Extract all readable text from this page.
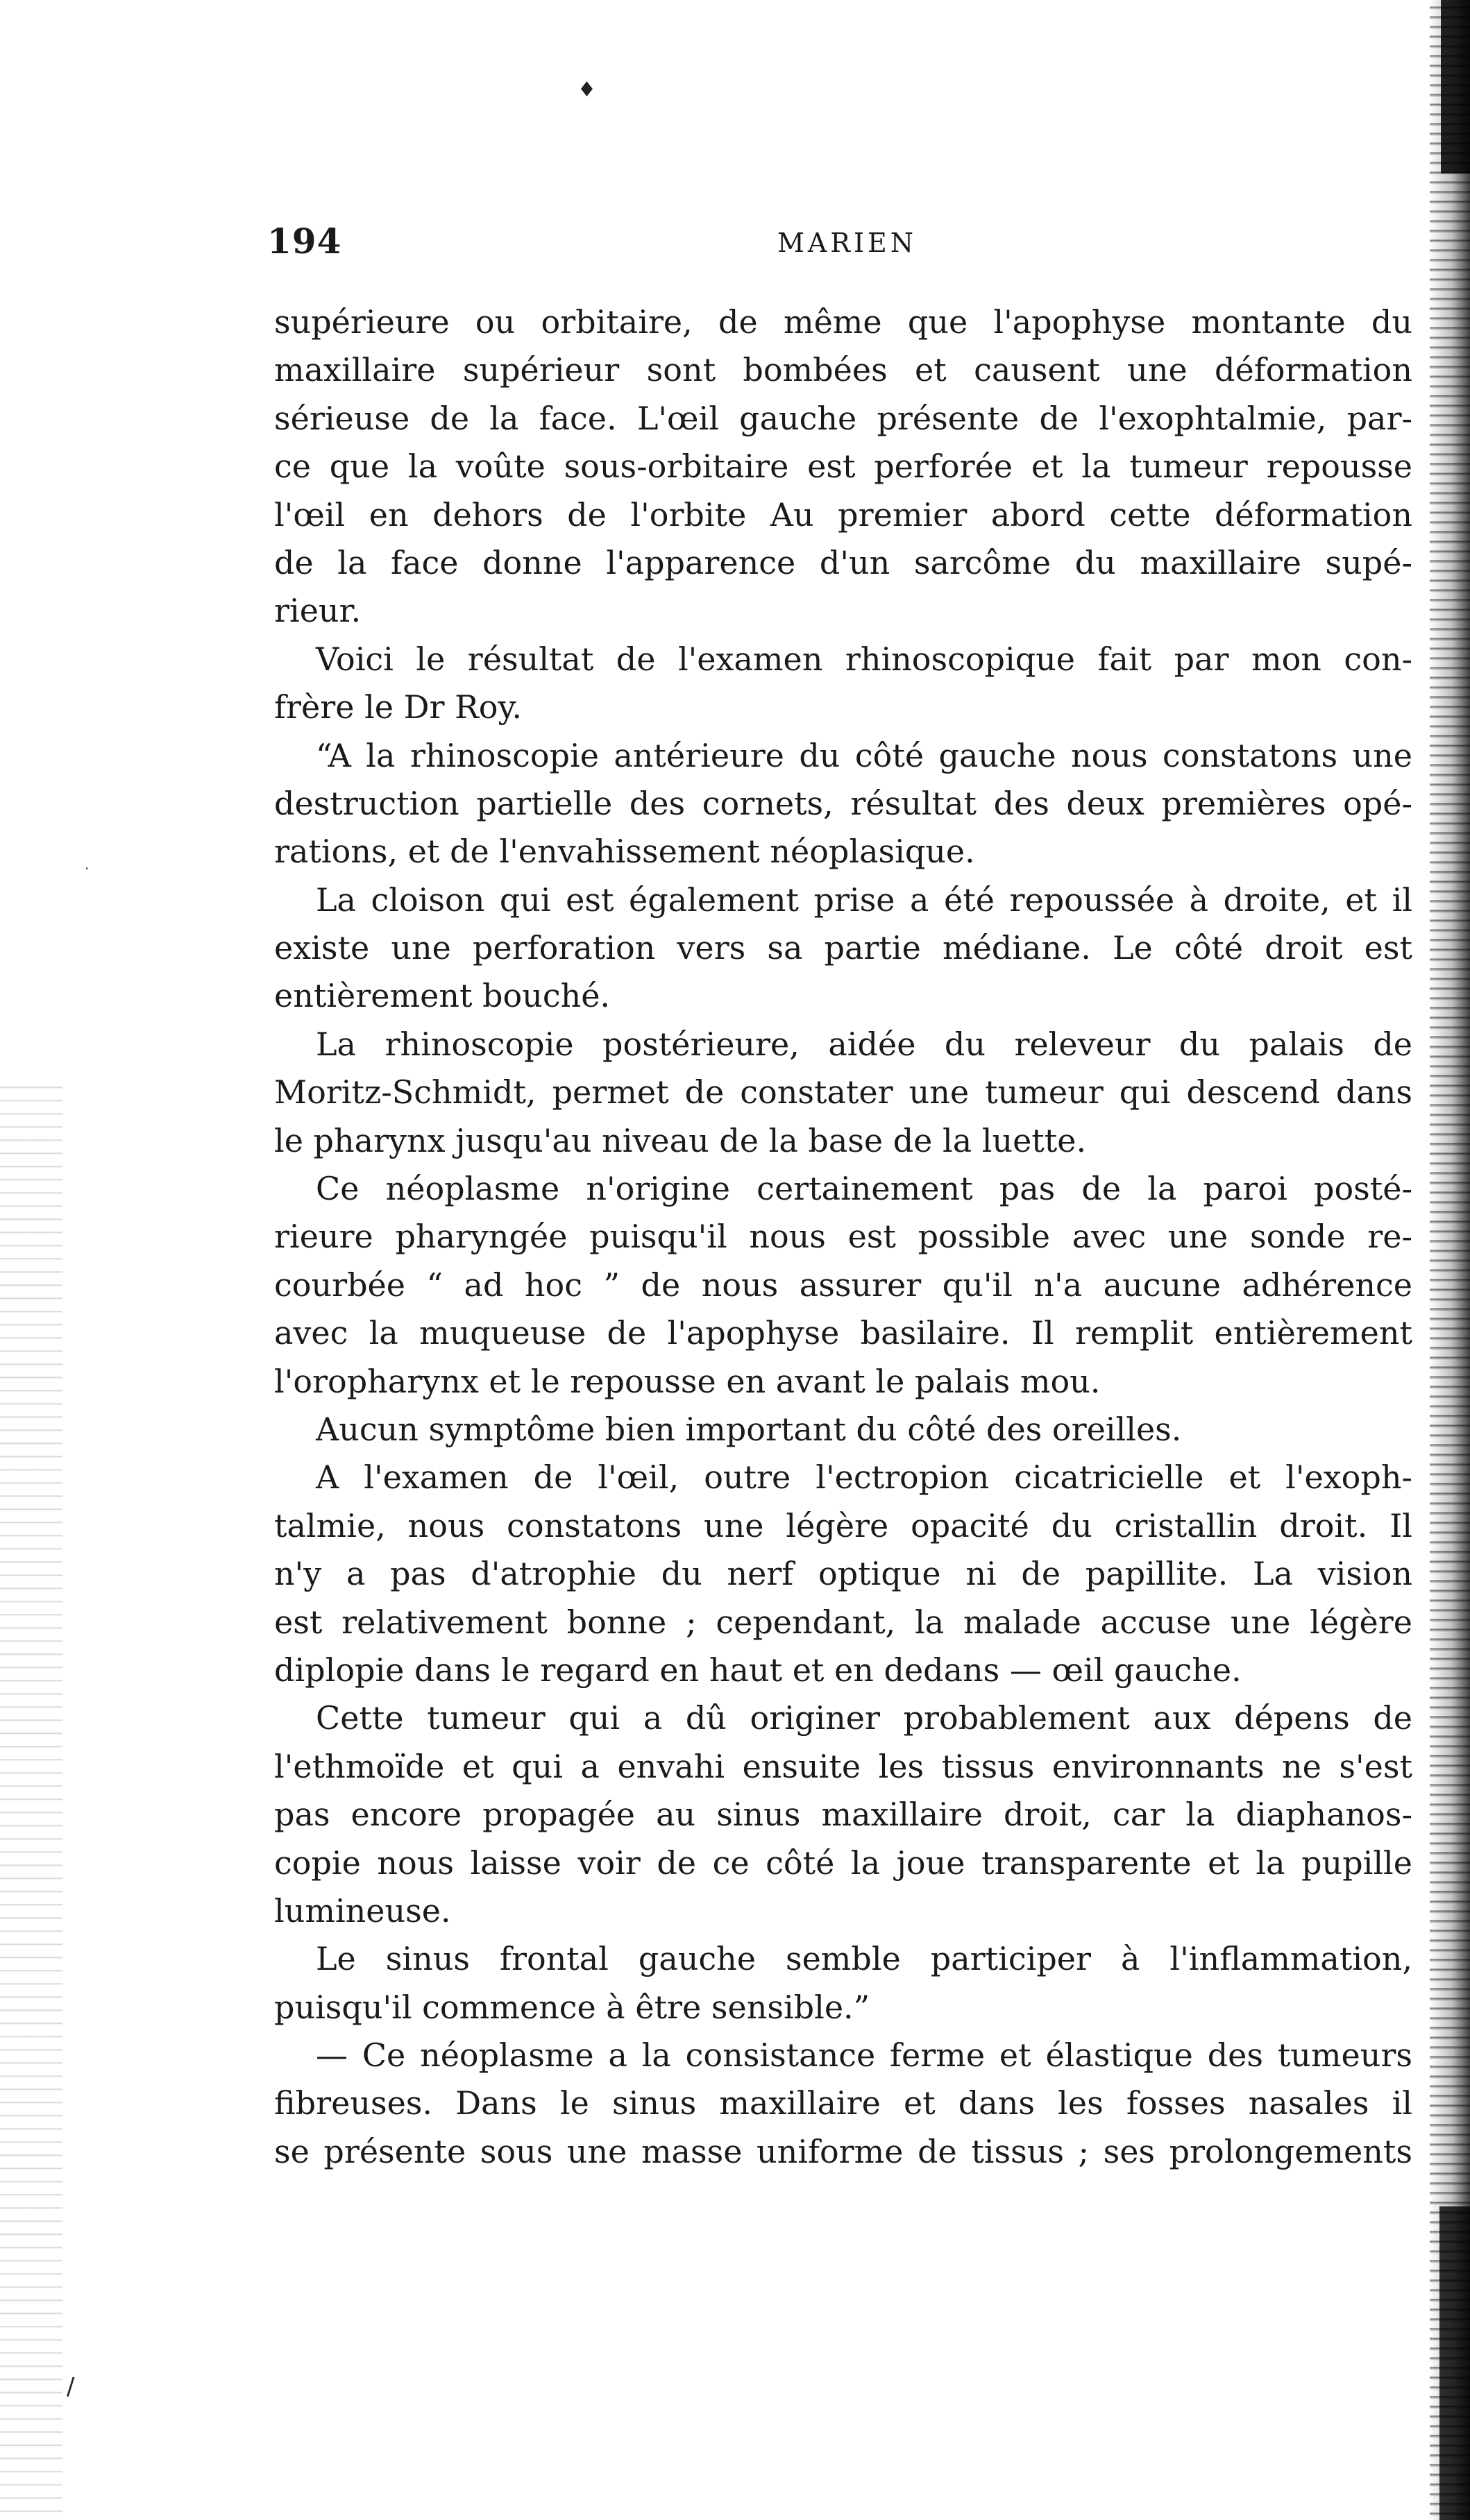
♦
·
/
194	MARIEN
supérieure ou orbitaire, de même que l'apophyse montante du
maxillaire supérieur sont bombées et causent une déformation
sérieuse de la face. L'œil gauche présente de l'exophtalmie, par-
ce que la voûte sous-orbitaire est perforée et la tumeur repousse
l'œil en dehors de l'orbite Au premier abord cette déformation
de la face donne l'apparence d'un sarcôme du maxillaire supé-
rieur.
Voici le résultat de l'examen rhinoscopique fait par mon con-
frère le Dr Roy.
“A la rhinoscopie antérieure du côté gauche nous constatons une
destruction partielle des cornets, résultat des deux premières opé-
rations, et de l'envahissement néoplasique.
La cloison qui est également prise a été repoussée à droite, et il
existe une perforation vers sa partie médiane. Le côté droit est
entièrement bouché.
La rhinoscopie postérieure, aidée du releveur du palais de
Moritz-Schmidt, permet de constater une tumeur qui descend dans
le pharynx jusqu'au niveau de la base de la luette.
Ce néoplasme n'origine certainement pas de la paroi posté-
rieure pharyngée puisqu'il nous est possible avec une sonde re-
courbée “ ad hoc ” de nous assurer qu'il n'a aucune adhérence
avec la muqueuse de l'apophyse basilaire. Il remplit entièrement
l'oropharynx et le repousse en avant le palais mou.
Aucun symptôme bien important du côté des oreilles.
A l'examen de l'œil, outre l'ectropion cicatricielle et l'exoph-
talmie, nous constatons une légère opacité du cristallin droit. Il
n'y a pas d'atrophie du nerf optique ni de papillite. La vision
est relativement bonne ; cependant, la malade accuse une légère
diplopie dans le regard en haut et en dedans — œil gauche.
Cette tumeur qui a dû originer probablement aux dépens de
l'ethmoïde et qui a envahi ensuite les tissus environnants ne s'est
pas encore propagée au sinus maxillaire droit, car la diaphanos-
copie nous laisse voir de ce côté la joue transparente et la pupille
lumineuse.
Le sinus frontal gauche semble participer à l'inflammation,
puisqu'il commence à être sensible.”
— Ce néoplasme a la consistance ferme et élastique des tumeurs
fibreuses. Dans le sinus maxillaire et dans les fosses nasales il
se présente sous une masse uniforme de tissus ; ses prolongements
